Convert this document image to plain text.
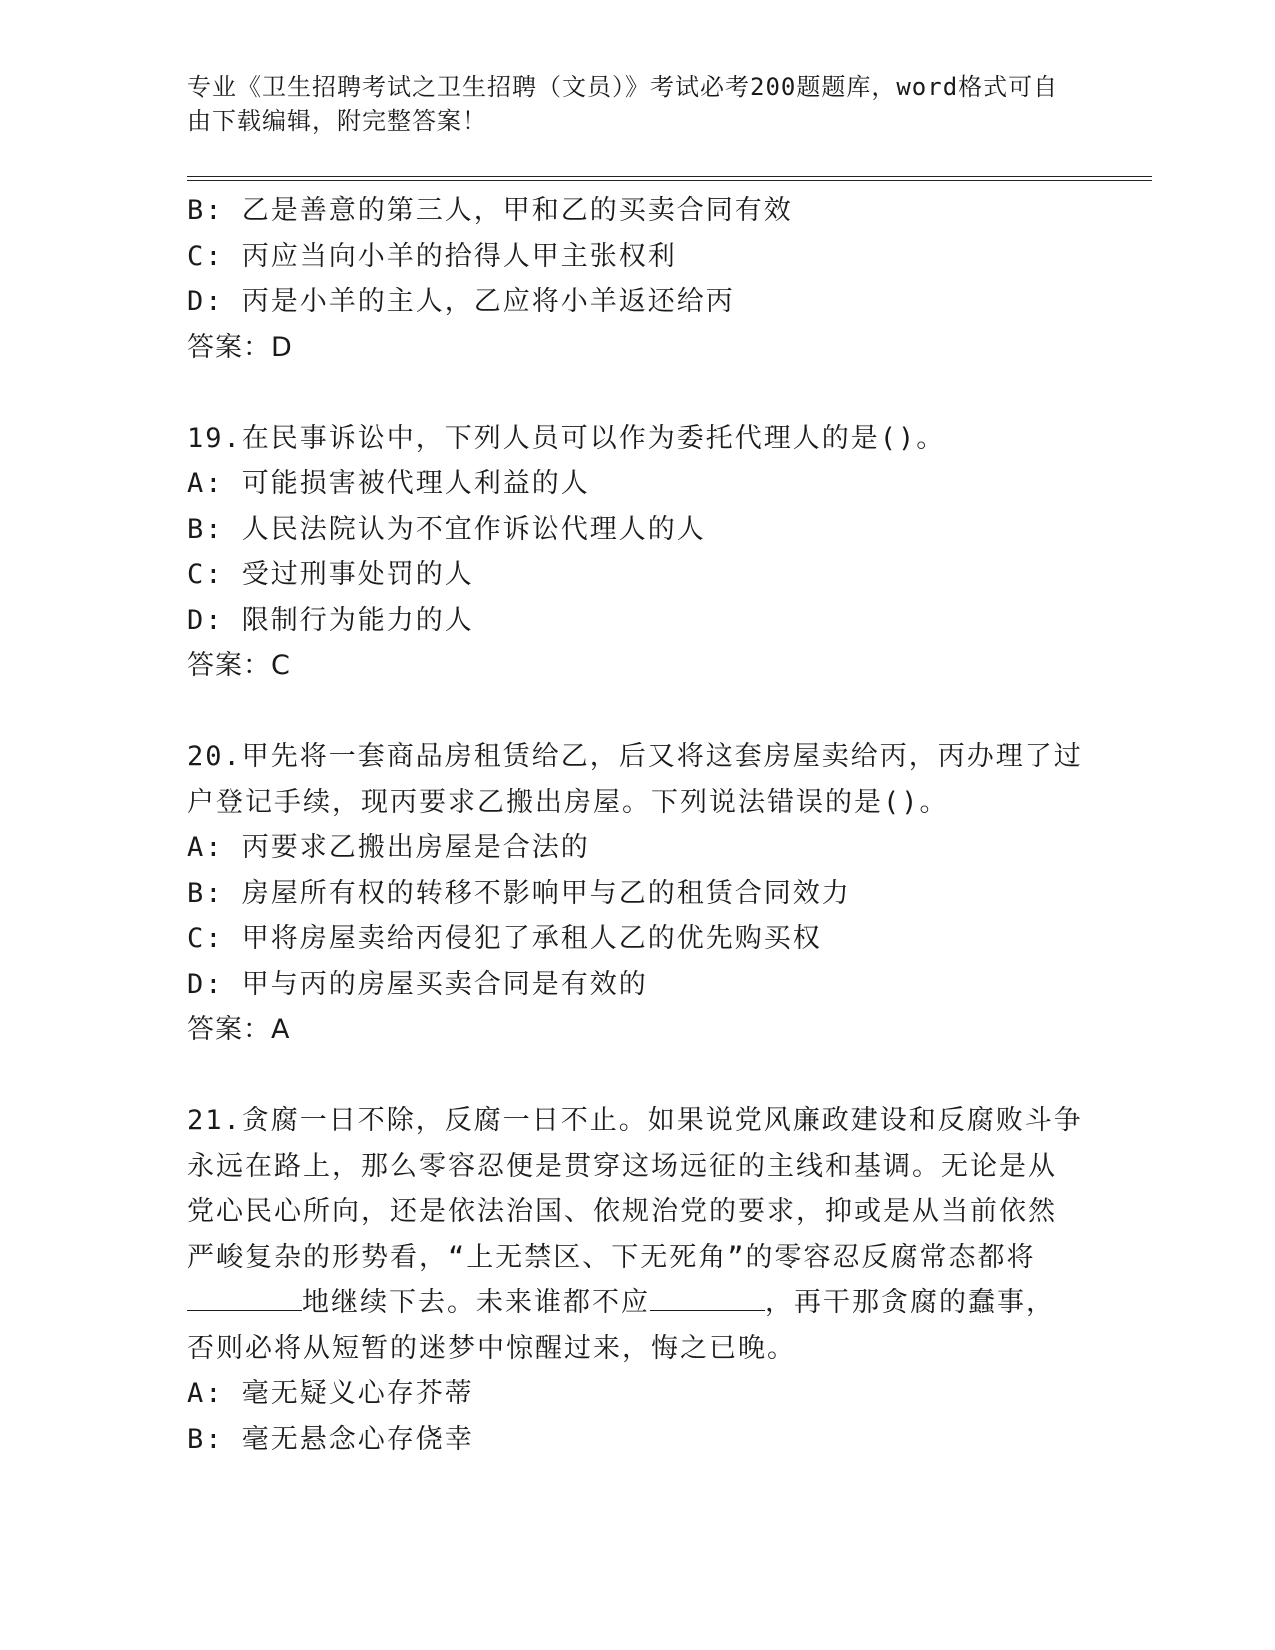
专业《卫生招聘考试之卫生招聘（文员）》考试必考200题题库，word格式可自
由下载编辑，附完整答案！
B: 乙是善意的第三人，甲和乙的买卖合同有效
C: 丙应当向小羊的拾得人甲主张权利
D: 丙是小羊的主人，乙应将小羊返还给丙
答案：D
19.在民事诉讼中，下列人员可以作为委托代理人的是()。
A: 可能损害被代理人利益的人
B: 人民法院认为不宜作诉讼代理人的人
C: 受过刑事处罚的人
D: 限制行为能力的人
答案：C
20.甲先将一套商品房租赁给乙，后又将这套房屋卖给丙，丙办理了过
户登记手续，现丙要求乙搬出房屋。下列说法错误的是()。
A: 丙要求乙搬出房屋是合法的
B: 房屋所有权的转移不影响甲与乙的租赁合同效力
C: 甲将房屋卖给丙侵犯了承租人乙的优先购买权
D: 甲与丙的房屋买卖合同是有效的
答案：A
21.贪腐一日不除，反腐一日不止。如果说党风廉政建设和反腐败斗争
永远在路上，那么零容忍便是贯穿这场远征的主线和基调。无论是从
党心民心所向，还是依法治国、依规治党的要求，抑或是从当前依然
严峻复杂的形势看，“上无禁区、下无死角”的零容忍反腐常态都将
地继续下去。未来谁都不应	，再干那贪腐的蠢事，
否则必将从短暂的迷梦中惊醒过来，悔之已晚。
A: 毫无疑义心存芥蒂
B: 毫无悬念心存侥幸
